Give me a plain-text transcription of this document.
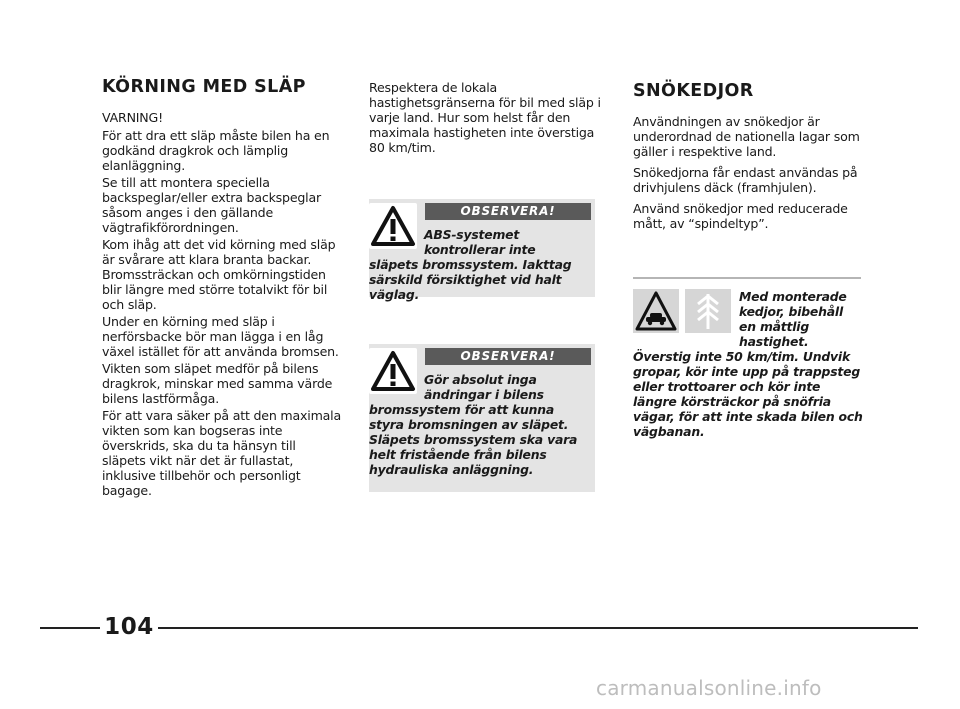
KÖRNING MED SLÄP

VARNING!

För att dra ett släp måste bilen ha en godkänd dragkrok och lämplig elanläggning.

Se till att montera speciella backspeglar/eller extra backspeglar såsom anges i den gällande vägtrafikförordningen.

Kom ihåg att det vid körning med släp är svårare att klara branta backar. Bromssträckan och omkörningstiden blir längre med större totalvikt för bil och släp.

Under en körning med släp i nerförsbacke bör man lägga i en låg växel istället för att använda bromsen.

Vikten som släpet medför på bilens dragkrok, minskar med samma värde bilens lastförmåga.

För att vara säker på att den maximala vikten som kan bogseras inte överskrids, ska du ta hänsyn till släpets vikt när det är fullastat, inklusive tillbehör och personligt bagage.

Respektera de lokala hastighetsgränserna för bil med släp i varje land. Hur som helst får den maximala hastigheten inte överstiga 80 km/tim.

OBSERVERA!

ABS-systemet kontrollerar inte släpets bromssystem. Iakttag särskild försiktighet vid halt väglag.

OBSERVERA!

Gör absolut inga ändringar i bilens bromssystem för att kunna styra bromsningen av släpet. Släpets bromssystem ska vara helt fristående från bilens hydrauliska anläggning.

SNÖKEDJOR

Användningen av snökedjor är underordnad de nationella lagar som gäller i respektive land.

Snökedjorna får endast användas på drivhjulens däck (framhjulen).

Använd snökedjor med reducerade mått, av “spindeltyp”.

Med monterade kedjor, bibehåll en måttlig hastighet. Överstig inte 50 km/tim. Undvik gropar, kör inte upp på trappsteg eller trottoarer och kör inte längre körsträckor på snöfria vägar, för att inte skada bilen och vägbanan.

104
carmanualsonline.info
